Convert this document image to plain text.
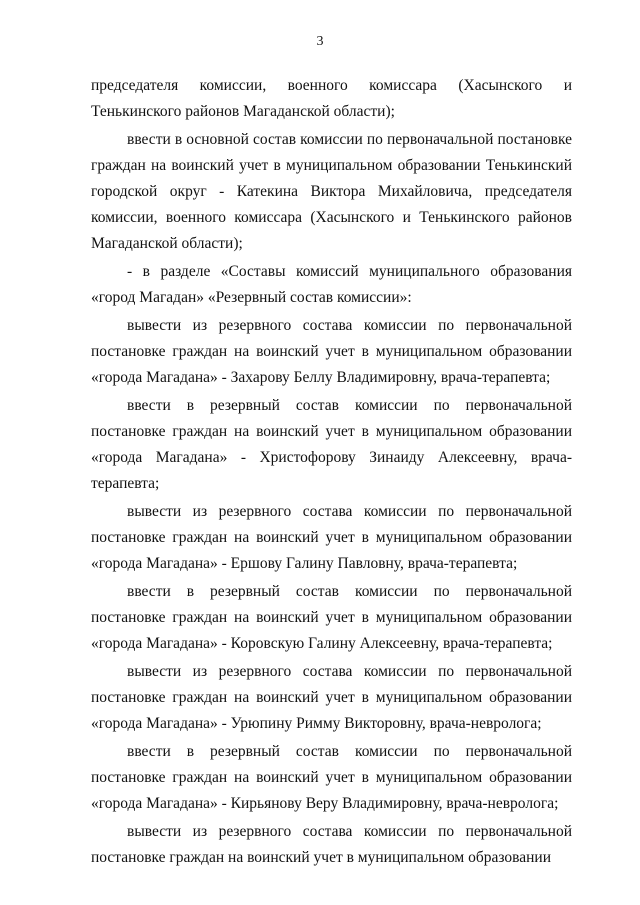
3

председателя комиссии, военного комиссара (Хасынского и Тенькинского районов Магаданской области);

ввести в основной состав комиссии по первоначальной постановке граждан на воинский учет в муниципальном образовании Тенькинский городской округ - Катекина Виктора Михайловича, председателя комиссии, военного комиссара (Хасынского и Тенькинского районов Магаданской области);

- в разделе «Составы комиссий муниципального образования «город Магадан» «Резервный состав комиссии»:

вывести из резервного состава комиссии по первоначальной постановке граждан на воинский учет в муниципальном образовании «города Магадана» - Захарову Беллу Владимировну, врача-терапевта;

ввести в резервный состав комиссии по первоначальной постановке граждан на воинский учет в муниципальном образовании «города Магадана» - Христофорову Зинаиду Алексеевну, врача-терапевта;

вывести из резервного состава комиссии по первоначальной постановке граждан на воинский учет в муниципальном образовании «города Магадана» - Ершову Галину Павловну, врача-терапевта;

ввести в резервный состав комиссии по первоначальной постановке граждан на воинский учет в муниципальном образовании «города Магадана» - Коровскую Галину Алексеевну, врача-терапевта;

вывести из резервного состава комиссии по первоначальной постановке граждан на воинский учет в муниципальном образовании «города Магадана» - Урюпину Римму Викторовну, врача-невролога;

ввести в резервный состав комиссии по первоначальной постановке граждан на воинский учет в муниципальном образовании «города Магадана» - Кирьянову Веру Владимировну, врача-невролога;

вывести из резервного состава комиссии по первоначальной постановке граждан на воинский учет в муниципальном образовании
